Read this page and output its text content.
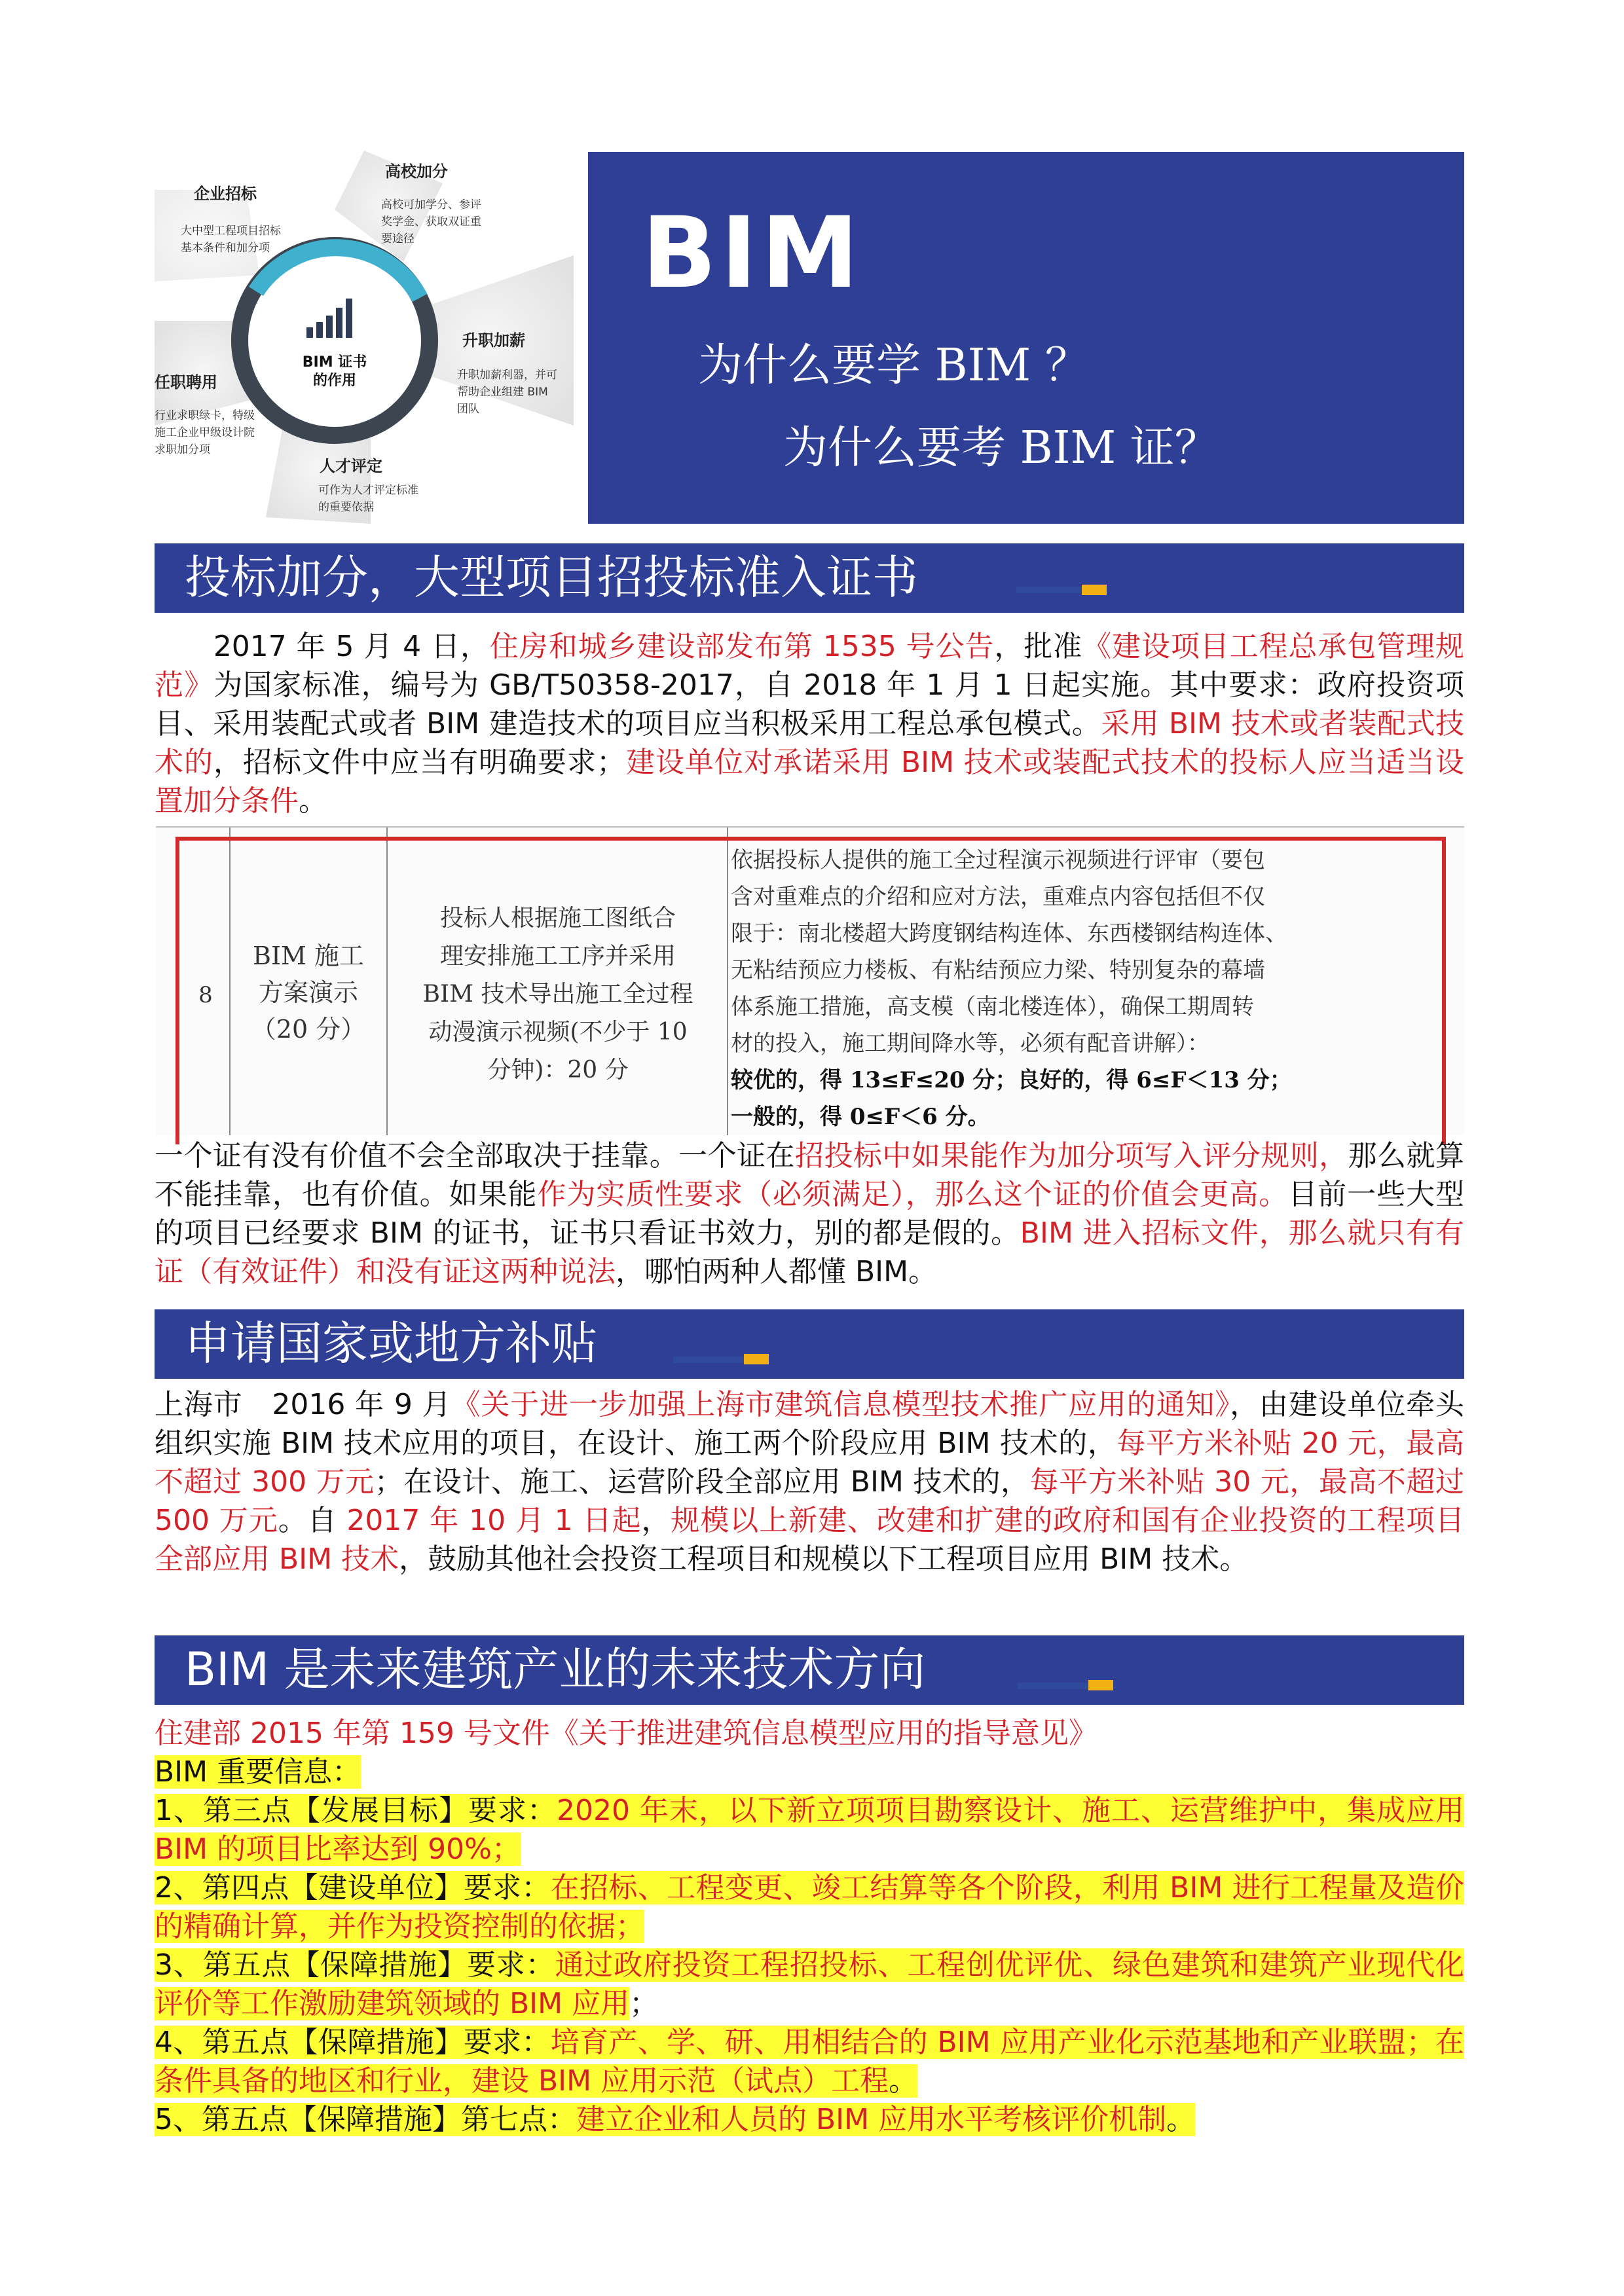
BIM 证书
的作用
企业招标
大中型工程项目招标
基本条件和加分项
高校加分
高校可加学分、参评
奖学金、获取双证重
要途径
升职加薪
升职加薪利器，并可
帮助企业组建 BIM
团队
人才评定
可作为人才评定标准
的重要依据
任职聘用
行业求职绿卡，特级
施工企业甲级设计院
求职加分项
BIM
为什么要学 BIM ？
为什么要考 BIM 证？
投标加分，大型项目招投标准入证书
　　2017 年 5 月 4 日，住房和城乡建设部发布第 1535 号公告，批准《建设项目工程总承包管理规范》为国家标准，编号为 GB/T50358-2017，自 2018 年 1 月 1 日起实施。其中要求：政府投资项目、采用装配式或者 BIM 建造技术的项目应当积极采用工程总承包模式。采用 BIM 技术或者装配式技术的，招标文件中应当有明确要求；建设单位对承诺采用 BIM 技术或装配式技术的投标人应当适当设置加分条件。
8
BIM 施工
方案演示
（20 分）
投标人根据施工图纸合
理安排施工工序并采用
BIM 技术导出施工全过程
动漫演示视频(不少于 10
分钟)：20 分
依据投标人提供的施工全过程演示视频进行评审（要包
含对重难点的介绍和应对方法，重难点内容包括但不仅
限于：南北楼超大跨度钢结构连体、东西楼钢结构连体、
无粘结预应力楼板、有粘结预应力梁、特别复杂的幕墙
体系施工措施，高支模（南北楼连体），确保工期周转
材的投入，施工期间降水等，必须有配音讲解）：
较优的，得 13≤F≤20 分；良好的，得 6≤F＜13 分；
一般的，得 0≤F＜6 分。
一个证有没有价值不会全部取决于挂靠。一个证在招投标中如果能作为加分项写入评分规则，那么就算不能挂靠，也有价值。如果能作为实质性要求（必须满足），那么这个证的价值会更高。目前一些大型的项目已经要求 BIM 的证书，证书只看证书效力，别的都是假的。BIM 进入招标文件，那么就只有有证（有效证件）和没有证这两种说法，哪怕两种人都懂 BIM。
申请国家或地方补贴
上海市　2016 年 9 月《关于进一步加强上海市建筑信息模型技术推广应用的通知》，由建设单位牵头组织实施 BIM 技术应用的项目，在设计、施工两个阶段应用 BIM 技术的，每平方米补贴 20 元，最高不超过 300 万元；在设计、施工、运营阶段全部应用 BIM 技术的，每平方米补贴 30 元，最高不超过 500 万元。自 2017 年 10 月 1 日起，规模以上新建、改建和扩建的政府和国有企业投资的工程项目全部应用 BIM 技术，鼓励其他社会投资工程项目和规模以下工程项目应用 BIM 技术。
BIM 是未来建筑产业的未来技术方向
住建部 2015 年第 159 号文件《关于推进建筑信息模型应用的指导意见》
BIM 重要信息：
1、第三点【发展目标】要求：2020 年末，以下新立项项目勘察设计、施工、运营维护中，集成应用 BIM 的项目比率达到 90%；
2、第四点【建设单位】要求：在招标、工程变更、竣工结算等各个阶段，利用 BIM 进行工程量及造价的精确计算，并作为投资控制的依据；
3、第五点【保障措施】要求：通过政府投资工程招投标、工程创优评优、绿色建筑和建筑产业现代化评价等工作激励建筑领域的 BIM 应用；
4、第五点【保障措施】要求：培育产、学、研、用相结合的 BIM 应用产业化示范基地和产业联盟；在条件具备的地区和行业，建设 BIM 应用示范（试点）工程。
5、第五点【保障措施】第七点：建立企业和人员的 BIM 应用水平考核评价机制。
